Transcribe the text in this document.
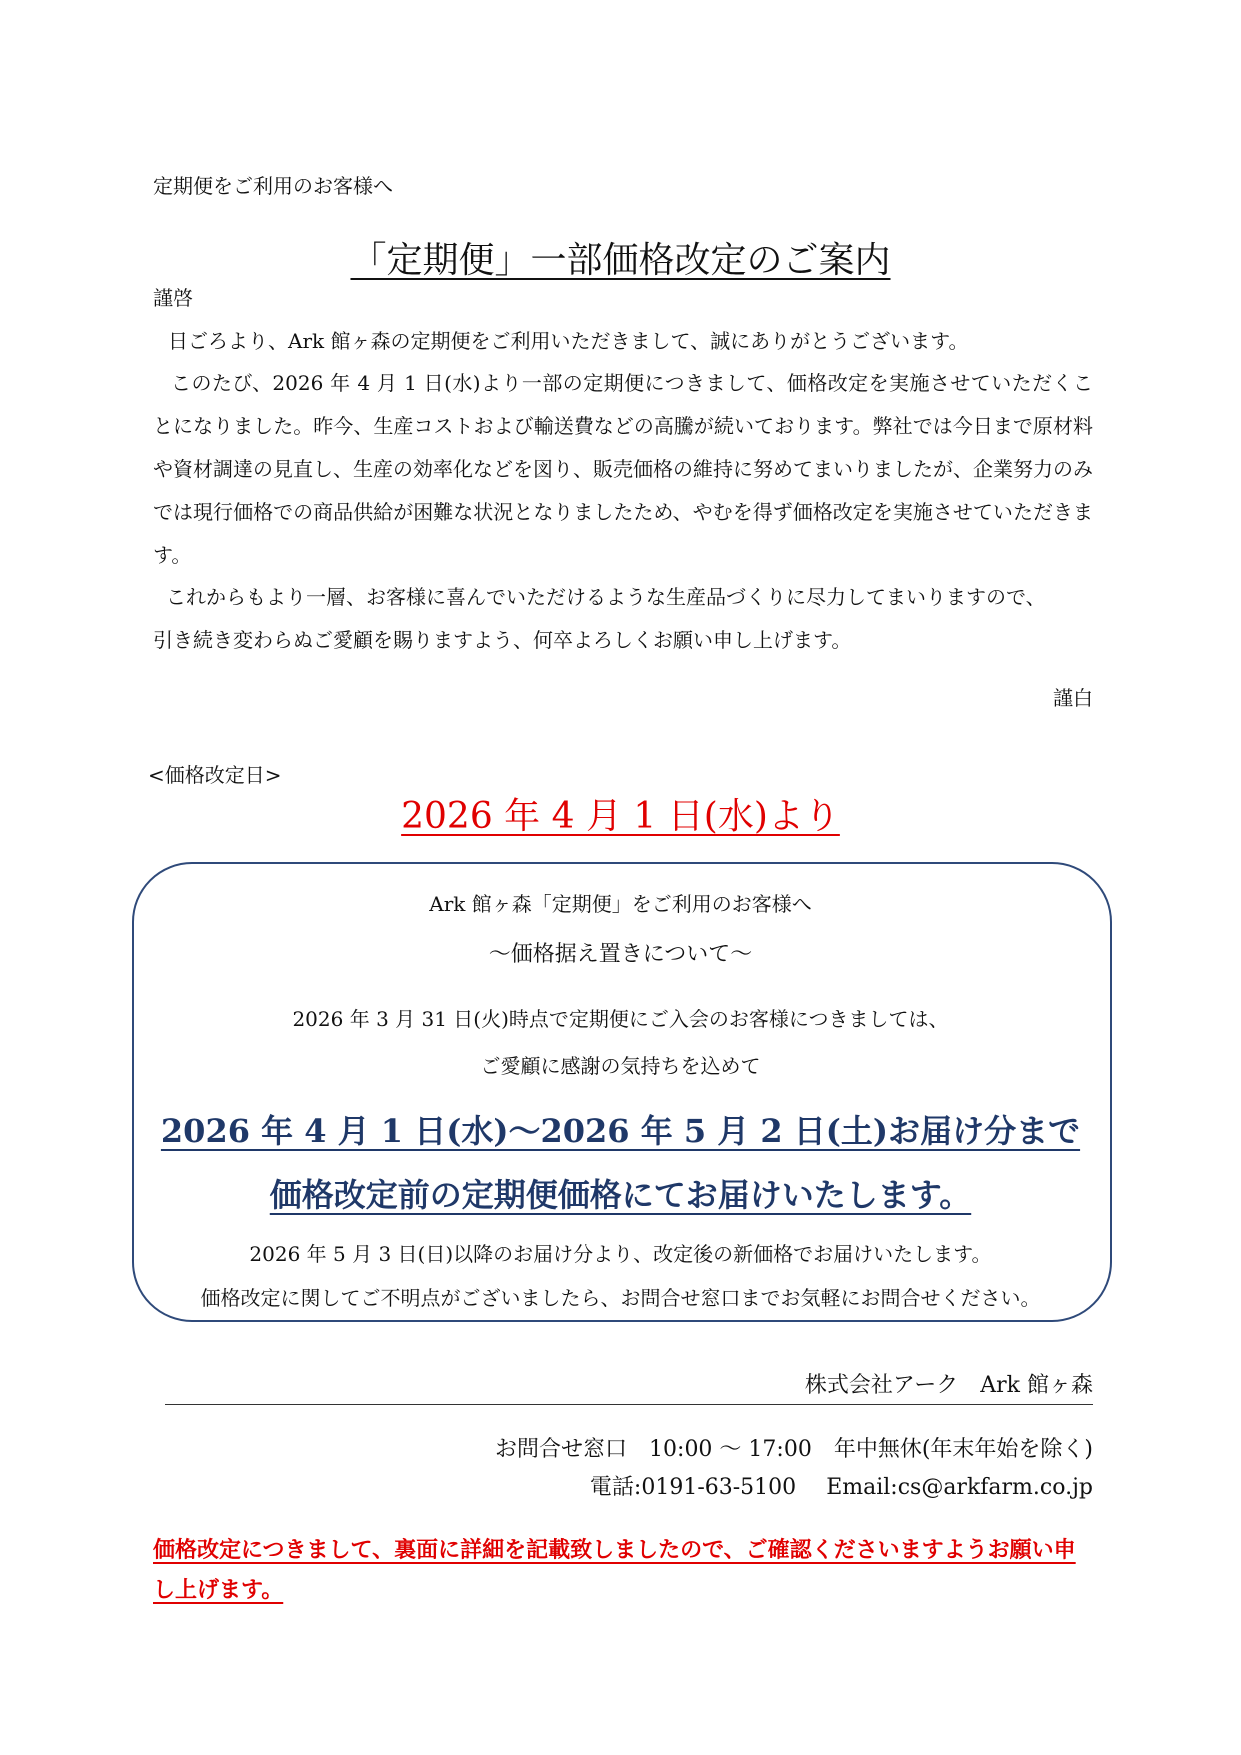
定期便をご利用のお客様へ

「定期便」一部価格改定のご案内

謹啓

日ごろより、Ark 館ヶ森の定期便をご利用いただきまして、誠にありがとうございます。

このたび、2026 年 4 月 1 日(水)より一部の定期便につきまして、価格改定を実施させていただくことになりました。昨今、生産コストおよび輸送費などの高騰が続いております。弊社では今日まで原材料や資材調達の見直し、生産の効率化などを図り、販売価格の維持に努めてまいりましたが、企業努力のみでは現行価格での商品供給が困難な状況となりましたため、やむを得ず価格改定を実施させていただきます。

これからもより一層、お客様に喜んでいただけるような生産品づくりに尽力してまいりますので、
引き続き変わらぬご愛顧を賜りますよう、何卒よろしくお願い申し上げます。

謹白

<価格改定日>

2026 年 4 月 1 日(水)より

Ark 館ヶ森「定期便」をご利用のお客様へ

～価格据え置きについて～

2026 年 3 月 31 日(火)時点で定期便にご入会のお客様につきましては、

ご愛顧に感謝の気持ちを込めて

2026 年 4 月 1 日(水)～2026 年 5 月 2 日(土)お届け分まで

価格改定前の定期便価格にてお届けいたします。

2026 年 5 月 3 日(日)以降のお届け分より、改定後の新価格でお届けいたします。

価格改定に関してご不明点がございましたら、お問合せ窓口までお気軽にお問合せください。

株式会社アーク　Ark 館ヶ森

お問合せ窓口　10:00 ～ 17:00　年中無休(年末年始を除く)

電話:0191-63-5100 Email:cs@arkfarm.co.jp

価格改定につきまして、裏面に詳細を記載致しましたので、ご確認くださいますようお願い申し上げます。
